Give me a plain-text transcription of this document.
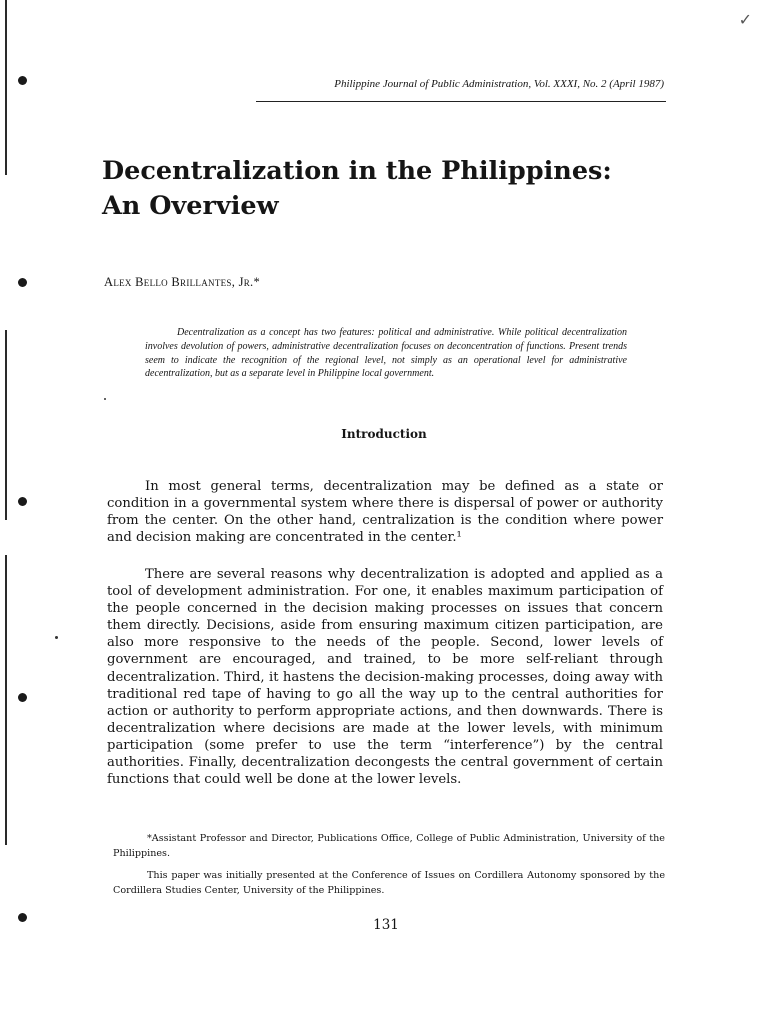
✓
Philippine Journal of Public Administration, Vol. XXXI, No. 2 (April 1987)
Decentralization in the Philippines:
An Overview
Alex Bello Brillantes, Jr.*

Decentralization as a concept has two features: political and administrative. While political decentralization involves devolution of powers, administrative decentralization focuses on deconcentration of functions. Present trends seem to indicate the recognition of the regional level, not simply as an operational level for administrative decentralization, but as a separate level in Philippine local government.

Introduction

In most general terms, decentralization may be defined as a state or condition in a governmental system where there is dispersal of power or authority from the center. On the other hand, centralization is the condition where power and decision making are concentrated in the center.¹

There are several reasons why decentralization is adopted and applied as a tool of development administration. For one, it enables maximum participation of the people concerned in the decision making processes on issues that concern them directly. Decisions, aside from ensuring maximum citizen participation, are also more responsive to the needs of the people. Second, lower levels of government are encouraged, and trained, to be more self-reliant through decentralization. Third, it hastens the decision-making processes, doing away with traditional red tape of having to go all the way up to the central authorities for action or authority to perform appropriate actions, and then downwards. There is decentralization where decisions are made at the lower levels, with minimum participation (some prefer to use the term “interference”) by the central authorities. Finally, decentralization decongests the central government of certain functions that could well be done at the lower levels.

*Assistant Professor and Director, Publications Office, College of Public Administration, University of the Philippines.

This paper was initially presented at the Conference of Issues on Cordillera Autonomy sponsored by the Cordillera Studies Center, University of the Philippines.

131
